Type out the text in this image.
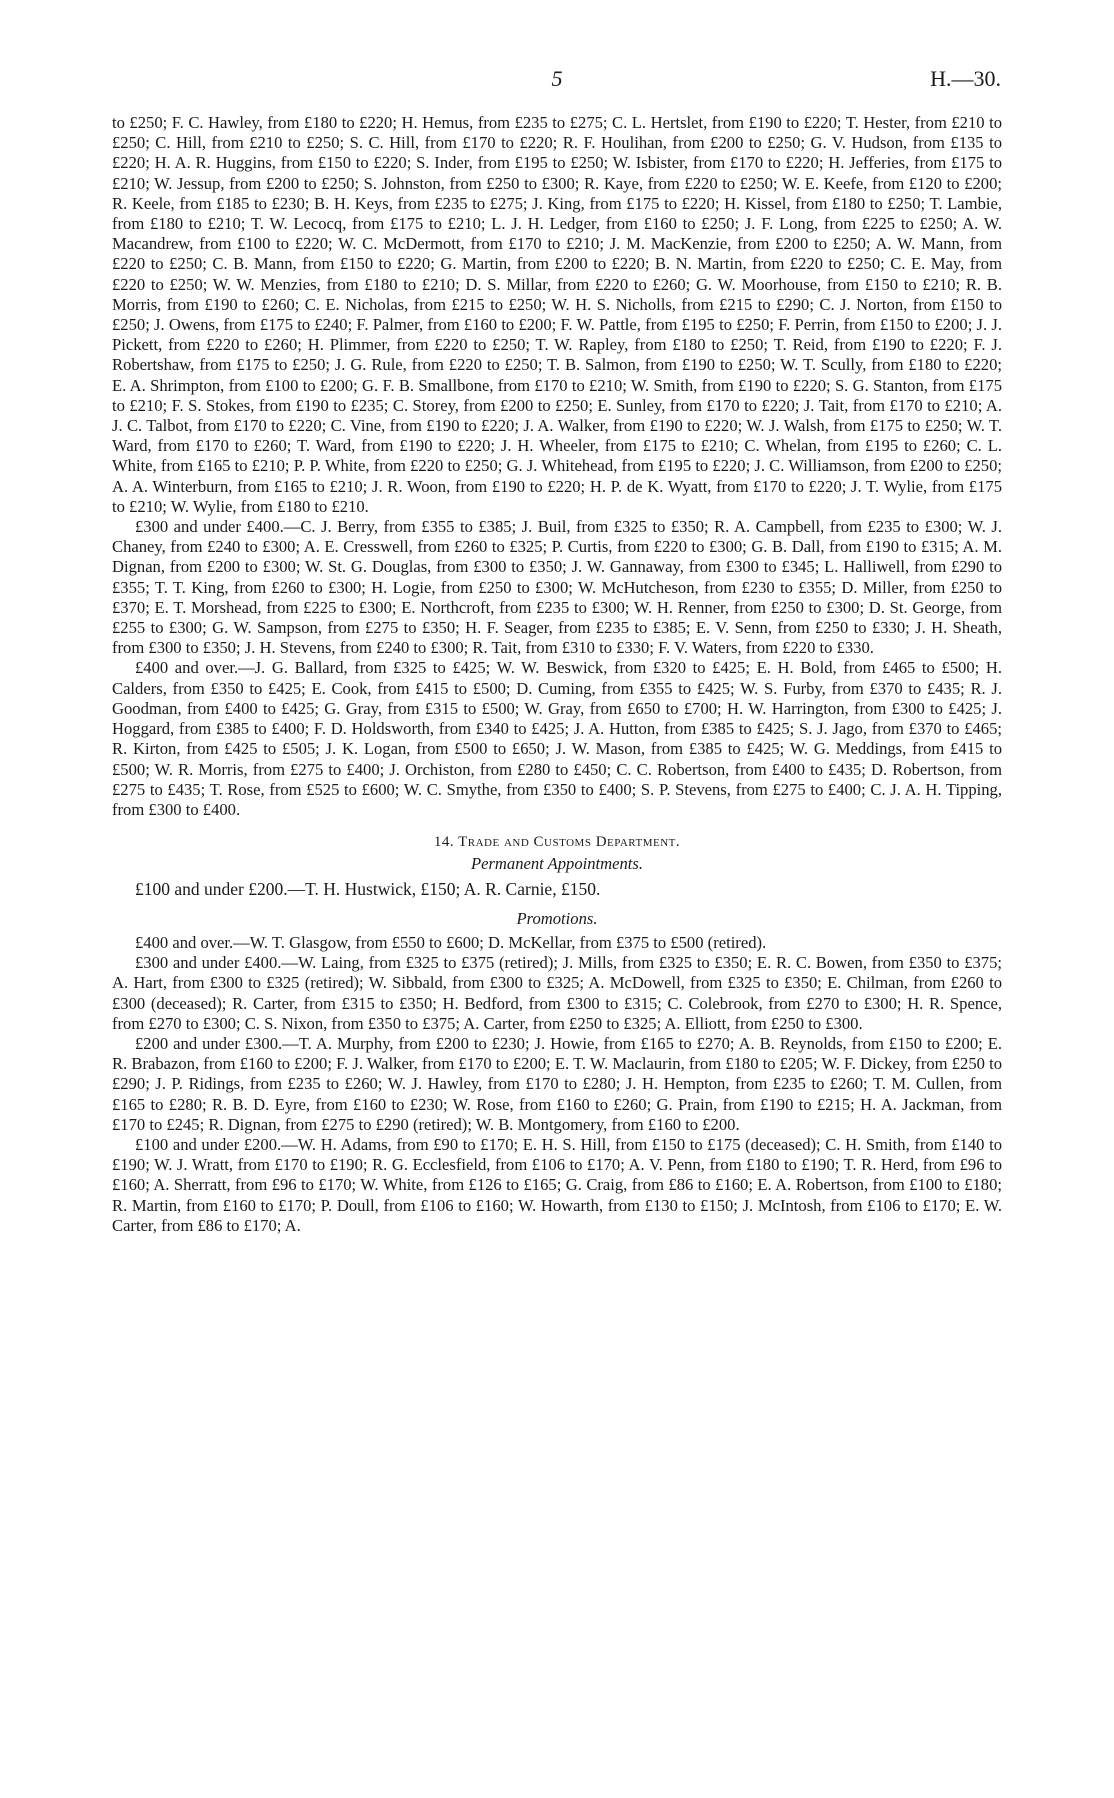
5	H.—30.

to £250; F. C. Hawley, from £180 to £220; H. Hemus, from £235 to £275; C. L. Hertslet, from £190 to £220; T. Hester, from £210 to £250; C. Hill, from £210 to £250; S. C. Hill, from £170 to £220; R. F. Houlihan, from £200 to £250; G. V. Hudson, from £135 to £220; H. A. R. Huggins, from £150 to £220; S. Inder, from £195 to £250; W. Isbister, from £170 to £220; H. Jefferies, from £175 to £210; W. Jessup, from £200 to £250; S. Johnston, from £250 to £300; R. Kaye, from £220 to £250; W. E. Keefe, from £120 to £200; R. Keele, from £185 to £230; B. H. Keys, from £235 to £275; J. King, from £175 to £220; H. Kissel, from £180 to £250; T. Lambie, from £180 to £210; T. W. Lecocq, from £175 to £210; L. J. H. Ledger, from £160 to £250; J. F. Long, from £225 to £250; A. W. Macandrew, from £100 to £220; W. C. McDermott, from £170 to £210; J. M. MacKenzie, from £200 to £250; A. W. Mann, from £220 to £250; C. B. Mann, from £150 to £220; G. Martin, from £200 to £220; B. N. Martin, from £220 to £250; C. E. May, from £220 to £250; W. W. Menzies, from £180 to £210; D. S. Millar, from £220 to £260; G. W. Moorhouse, from £150 to £210; R. B. Morris, from £190 to £260; C. E. Nicholas, from £215 to £250; W. H. S. Nicholls, from £215 to £290; C. J. Norton, from £150 to £250; J. Owens, from £175 to £240; F. Palmer, from £160 to £200; F. W. Pattle, from £195 to £250; F. Perrin, from £150 to £200; J. J. Pickett, from £220 to £260; H. Plimmer, from £220 to £250; T. W. Rapley, from £180 to £250; T. Reid, from £190 to £220; F. J. Robertshaw, from £175 to £250; J. G. Rule, from £220 to £250; T. B. Salmon, from £190 to £250; W. T. Scully, from £180 to £220; E. A. Shrimpton, from £100 to £200; G. F. B. Smallbone, from £170 to £210; W. Smith, from £190 to £220; S. G. Stanton, from £175 to £210; F. S. Stokes, from £190 to £235; C. Storey, from £200 to £250; E. Sunley, from £170 to £220; J. Tait, from £170 to £210; A. J. C. Talbot, from £170 to £220; C. Vine, from £190 to £220; J. A. Walker, from £190 to £220; W. J. Walsh, from £175 to £250; W. T. Ward, from £170 to £260; T. Ward, from £190 to £220; J. H. Wheeler, from £175 to £210; C. Whelan, from £195 to £260; C. L. White, from £165 to £210; P. P. White, from £220 to £250; G. J. Whitehead, from £195 to £220; J. C. Williamson, from £200 to £250; A. A. Winterburn, from £165 to £210; J. R. Woon, from £190 to £220; H. P. de K. Wyatt, from £170 to £220; J. T. Wylie, from £175 to £210; W. Wylie, from £180 to £210.

£300 and under £400.—C. J. Berry, from £355 to £385; J. Buil, from £325 to £350; R. A. Campbell, from £235 to £300; W. J. Chaney, from £240 to £300; A. E. Cresswell, from £260 to £325; P. Curtis, from £220 to £300; G. B. Dall, from £190 to £315; A. M. Dignan, from £200 to £300; W. St. G. Douglas, from £300 to £350; J. W. Gannaway, from £300 to £345; L. Halliwell, from £290 to £355; T. T. King, from £260 to £300; H. Logie, from £250 to £300; W. McHutcheson, from £230 to £355; D. Miller, from £250 to £370; E. T. Morshead, from £225 to £300; E. Northcroft, from £235 to £300; W. H. Renner, from £250 to £300; D. St. George, from £255 to £300; G. W. Sampson, from £275 to £350; H. F. Seager, from £235 to £385; E. V. Senn, from £250 to £330; J. H. Sheath, from £300 to £350; J. H. Stevens, from £240 to £300; R. Tait, from £310 to £330; F. V. Waters, from £220 to £330.

£400 and over.—J. G. Ballard, from £325 to £425; W. W. Beswick, from £320 to £425; E. H. Bold, from £465 to £500; H. Calders, from £350 to £425; E. Cook, from £415 to £500; D. Cuming, from £355 to £425; W. S. Furby, from £370 to £435; R. J. Goodman, from £400 to £425; G. Gray, from £315 to £500; W. Gray, from £650 to £700; H. W. Harrington, from £300 to £425; J. Hoggard, from £385 to £400; F. D. Holdsworth, from £340 to £425; J. A. Hutton, from £385 to £425; S. J. Jago, from £370 to £465; R. Kirton, from £425 to £505; J. K. Logan, from £500 to £650; J. W. Mason, from £385 to £425; W. G. Meddings, from £415 to £500; W. R. Morris, from £275 to £400; J. Orchiston, from £280 to £450; C. C. Robertson, from £400 to £435; D. Robertson, from £275 to £435; T. Rose, from £525 to £600; W. C. Smythe, from £350 to £400; S. P. Stevens, from £275 to £400; C. J. A. H. Tipping, from £300 to £400.

14. Trade and Customs Department.

Permanent Appointments.

£100 and under £200.—T. H. Hustwick, £150; A. R. Carnie, £150.

Promotions.

£400 and over.—W. T. Glasgow, from £550 to £600; D. McKellar, from £375 to £500 (retired).

£300 and under £400.—W. Laing, from £325 to £375 (retired); J. Mills, from £325 to £350; E. R. C. Bowen, from £350 to £375; A. Hart, from £300 to £325 (retired); W. Sibbald, from £300 to £325; A. McDowell, from £325 to £350; E. Chilman, from £260 to £300 (deceased); R. Carter, from £315 to £350; H. Bedford, from £300 to £315; C. Colebrook, from £270 to £300; H. R. Spence, from £270 to £300; C. S. Nixon, from £350 to £375; A. Carter, from £250 to £325; A. Elliott, from £250 to £300.

£200 and under £300.—T. A. Murphy, from £200 to £230; J. Howie, from £165 to £270; A. B. Reynolds, from £150 to £200; E. R. Brabazon, from £160 to £200; F. J. Walker, from £170 to £200; E. T. W. Maclaurin, from £180 to £205; W. F. Dickey, from £250 to £290; J. P. Ridings, from £235 to £260; W. J. Hawley, from £170 to £280; J. H. Hempton, from £235 to £260; T. M. Cullen, from £165 to £280; R. B. D. Eyre, from £160 to £230; W. Rose, from £160 to £260; G. Prain, from £190 to £215; H. A. Jackman, from £170 to £245; R. Dignan, from £275 to £290 (retired); W. B. Montgomery, from £160 to £200.

£100 and under £200.—W. H. Adams, from £90 to £170; E. H. S. Hill, from £150 to £175 (deceased); C. H. Smith, from £140 to £190; W. J. Wratt, from £170 to £190; R. G. Ecclesfield, from £106 to £170; A. V. Penn, from £180 to £190; T. R. Herd, from £96 to £160; A. Sherratt, from £96 to £170; W. White, from £126 to £165; G. Craig, from £86 to £160; E. A. Robertson, from £100 to £180; R. Martin, from £160 to £170; P. Doull, from £106 to £160; W. Howarth, from £130 to £150; J. McIntosh, from £106 to £170; E. W. Carter, from £86 to £170; A.
